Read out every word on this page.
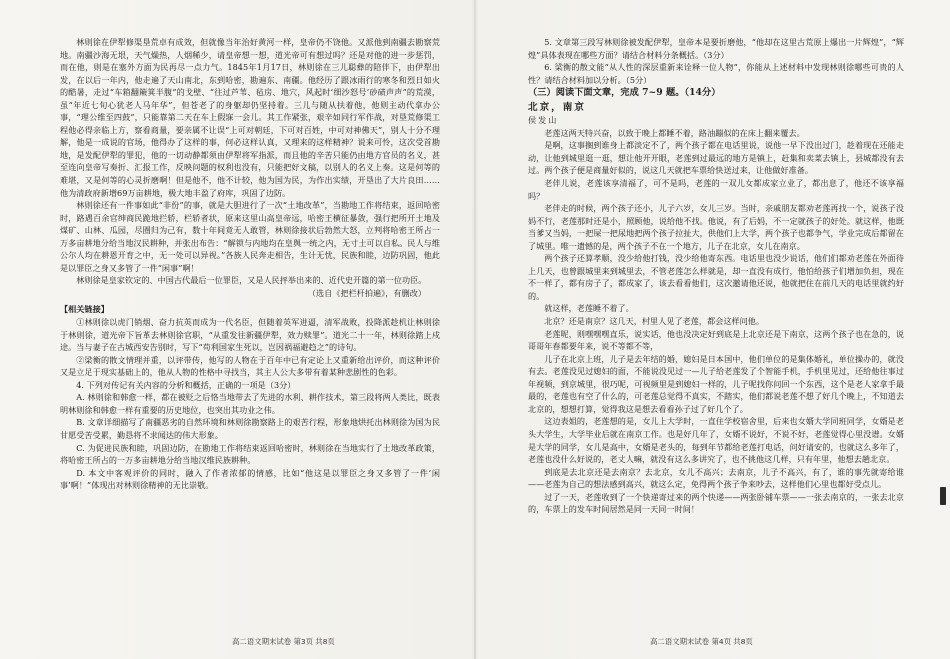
林则徐在伊犁修渠垦荒卓有成效，但就像当年治好黄河一样，皇帝仍不饶他。又派他到南疆去勘察荒地。南疆沙海无垠，天气燥热，人烟稀少，请皇帝想一想，道光帝可有想过吗？还是对他的进一步惩罚，而在他，则是在塞外方面为民再尽一点力气。1845年1月17日，林则徐在三儿聪彝的陪伴下，由伊犁出发，在以后一年内，他走遍了天山南北，东到哈密，勘遍东、南疆。他经历了跟冰雨行的寒冬和烈日如火的酷暑，走过“车箱翻簸箕半腹”的戈壁、“往过芦苇、毡房、地穴，风起时‘细沙怒号’砂碛声声”的荒漠，虽“年近七旬心犹老人马年华”，但苍老了的身躯却仍坚持着。三儿与随从扶着他，他则主动代拿办公事，“理公维至四鼓”，只能靠第二天在车上假寐一会儿。其工作紧张，艰辛如同行军作战，对垦荒修渠工程他必得亲临上方，察看商量，要亲属不让误“上可对朝廷，下可对百姓，中可对神佛天”，别人十分不理解，他是一成说的官场，他得办了这样的事，何必这样认真，又理来的这样精神？说来可怜，这次受首勘地，是发配伊犁的罪犯，他的一切动静都须由伊犁将军指派，而且他的辛苦只能仍由地方官员的名义，甚至连向皇帝写奏折、汇报工作，反映问题的权利也没有，只能把好文稿，以别人的名义上奏。这是何等的难堪，又是何等的心灵折磨啊！但是他不，他不计较，他为国为民，为作出实绩，开垦出了大片良田……他为清政府新增69万亩耕地，极大地丰盈了府库，巩固了边防。

林则徐还有一件事如此“非份”的事，就是大胆进行了一次“土地改革”，当勘地工作将结束，返回哈密时，路遇百余官绅商民跪地拦轿，栏轿者状，原来这里山高皇帝远，哈密王横征暴敛，强行把所开土地及煤矿、山林、瓜园，尽圈归为己有，数十年间竟无人敢管，林则徐接状后勃然大怒，立判将哈密王所占一万多亩耕地分给当地汉民耕种，并张出布告：“解锁与内地均在皇舆一统之内，无寸土可以自私。民人与维公尔人均在耕恩开育之中，无一处可以异视。”各族人民奔走相告，生计无忧，民族和睦，边防巩固，他此是以罪臣之身又多管了一件“闲事”啊！

林则徐是皇家钦定的、中国古代最后一位罪臣，又是人民抨举出来的、近代史开篇的第一位功臣。

（选自《把栏杆拍遍》，有删改）

【相关链接】

①林则徐以虎门销烟、奋力抗英而成为一代名臣，但随着英军进逼，清军战败，投降派趁机让林则徐于林则徐，道光帝下旨革去林则徐官职，“从重发往新疆伊犁，效力赎罪”。道光二十一年，林则徐踏上戍途。当与妻子在古城西安告别时，写下“苟利国家生死以，岂因祸福避趋之”的诗句。

②梁衡的散文情理并重，以评带传，他写的人物在于百年中已有定论上又重新给出评价，而这种评价又是立足于现实基础上的，他从人物的性格中寻找当，其主人公大多带有着某种悲剧性的色彩。

4. 下列对传记有关内容的分析和概括，正确的一项是（3分）

A. 林则徐和韩愈一样，都在被贬之后恪当地带去了先进的水利、耕作技术，第三段将两人类比，既表明林则徐和韩愈一样有重要的历史地位，也突出其功业之伟。

B. 文章详细描写了南疆恶劣的自然环境和林则徐勘察路上的艰苦行程，形象地烘托出林则徐为国为民甘愿受苦受累，勤恳将不求闻达的伟大形象。

C. 为促进民族和睦，巩固边防，在勘地工作将结束返回哈密时，林则徐在当地实行了土地改革政策，将哈密王所占的一万多亩耕地分给当地汉维民族耕种。

D. 本文中客观评价的同时，融入了作者浓郁的情感，比如“他这是以罪臣之身又多管了一件‘闲事’啊！”体现出对林则徐精神的无比崇敬。

5. 文章第三段写林则徐被发配伊犁，皇帝本是要折磨他，“他却在这里古荒原上爆出一片辉煌”，“辉煌”具体表现在哪些方面？请结合材料分条概括。（3分）

6. 梁衡的散文能“从人性的深层重新来诠释一位人物”，你能从上述材料中发现林则徐哪些可贵的人性？请结合材料加以分析。（5分）

（三）阅读下面文章，完成 7~9 题。（14分）

北京，南京

侯发山

老莲这两天特兴奋，以致于晚上都睡不着，路油蹦似的在床上翻来覆去。

是啊，这事搁到谁身上都淡定不了，两个孩子都在电话里说，说他一早下没出过门，趁着现在还能走动，让他到城里逛一逛，想让他开开眼，老莲到过最远的地方是镇上，赶集和卖菜去镇上，县城都没有去过。两个孩子便是商量好似的，说这几天就把车票给快送过来，让他做好准备。

老伴儿说，老莲该享清福了，可不是吗，老莲的一双儿女都成家立业了，都出息了，他还不该享福吗？

老伴走的时候，两个孩子还小，儿子六岁，女儿三岁。当时，亲戚朋友都劝老莲再找一个，说孩子没妈不行，老莲那时还是小，照顾他，说给他不找。他说，有了后妈，不一定就孩子的好处。就这样，他既当爹又当妈，一把屎一把尿地把两个孩子拉扯大，供他们上大学，两个孩子也都争气，学业完成后都留在了城里。唯一遗憾的是，两个孩子不在一个地方，儿子在北京，女儿在南京。

两个孩子还算孝顺，没少给他打钱，没少给他寄东西。电话里也没少说话，他们们都劝老莲在外面待上几天，也曾跟城里来到城里去，不管老莲怎么样就是，却一直没有成行，他怕给孩子们增加负担，现在不一样了，都有房子了，都成家了，该去看看他们，这次邀请他还说，他就把住在前几天的电话里就约好的。

就这样，老莲睡不着了。

北京？还是南京？这几天，村里人见了老莲，都会这样问他。

老莲呢，则嘿嘿嘿直乐，说实话，他也没决定好到底是上北京还是下南京，这两个孩子也在急的，说哥哥年春都要年来，说不等都不等，

儿子在北京上班，儿子是去年结的婚，媳妇是日本国中，他们单位的是集体婚礼，单位操办的，就没有去。老莲没见过媳妇的面，不能说没见过一—儿子给老莲发了个智能手机，手机里见过，还给他往事过年视频，到京城里，很巧呢，可视频里是到媳妇一样的，儿子呢找你问回一个东西，这个是老人家拿手最最的，老莲也有空了什么的，可老莲总觉得不真实，不踏实，他们都说老莲不想了好几个晚上，不知道去北京的，想想打算，觉得我这是想去看看孙子过了好几个了。

这边表姐的，老莲想的是，女儿上大学时，一直住学校宿舍里，后来也女婿大学同班同学，女婿是老头大学生，大学毕业后就在南京工作。也是好几年了，女婿不说好，不说不好，老莲觉得心里没谱。女婿是大学的同学，女儿是高中，女婿是老头的，每到年节都给老莲打电话，问好请安的，也就这么多年了，老莲也没什么好说的，老丈人嘛，就没有这么多讲究了，也不挑他这几样，只有年里，他想去趟北京。

到底是去北京还是去南京？去北京，女儿不高兴；去南京，儿子不高兴，有了，谁的事先就寄给谁——老莲为自己的想法感到高兴，就这么定，免得两个孩子争来吵去，这样他们心里也都好受点儿。

过了一天，老莲收到了一个快递寄过来的两个快递——两张卧铺车票——一张去南京的，一张去北京的，车票上的发车时间居然是同一天同一时间！

高二语文期末试卷 第3页 共8页	高二语文期末试卷 第4页 共8页
